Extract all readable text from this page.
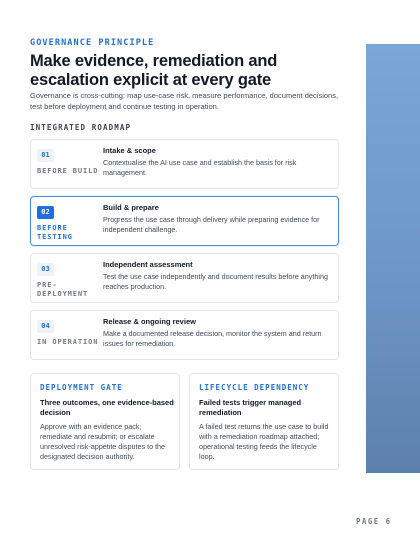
GOVERNANCE PRINCIPLE
Make evidence, remediation and escalation explicit at every gate

Governance is cross-cutting: map use-case risk, measure performance, document decisions, test before deployment and continue testing in operation.

INTEGRATED ROADMAP
01
BEFORE BUILD
Intake & scope
Contextualise the AI use case and establish the basis for risk management.
02
BEFORE TESTING
Build & prepare
Progress the use case through delivery while preparing evidence for independent challenge.
03
PRE-DEPLOYMENT
Independent assessment
Test the use case independently and document results before anything reaches production.
04
IN OPERATION
Release & ongoing review
Make a documented release decision, monitor the system and return issues for remediation.
DEPLOYMENT GATE
Three outcomes, one evidence-based decision
Approve with an evidence pack; remediate and resubmit; or escalate unresolved risk-appetite disputes to the designated decision authority.
LIFECYCLE DEPENDENCY
Failed tests trigger managed remediation
A failed test returns the use case to build with a remediation roadmap attached; operational testing feeds the lifecycle loop.
PAGE 6
